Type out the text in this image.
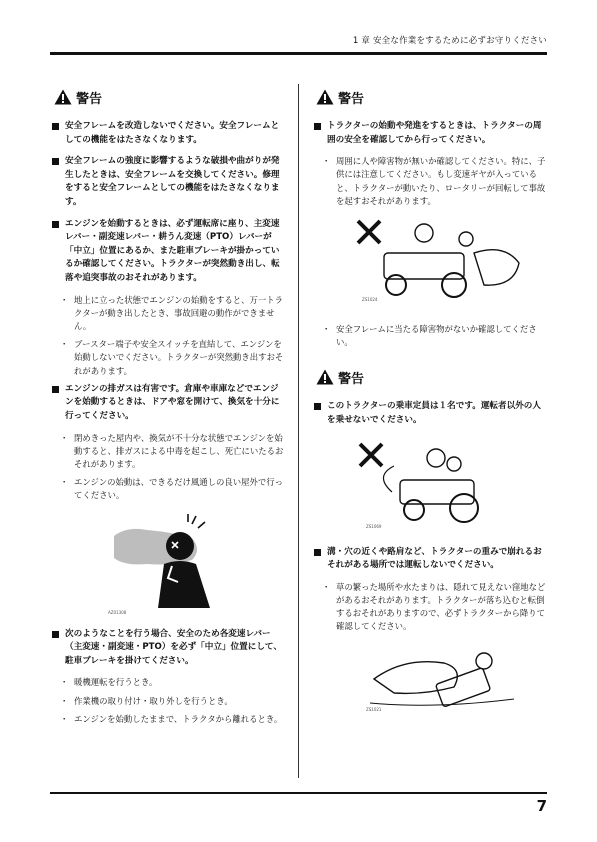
1 章 安全な作業をするために必ずお守りください
警告
安全フレームを改造しないでください。安全フレームとしての機能をはたさなくなります。
安全フレームの強度に影響するような破損や曲がりが発生したときは、安全フレームを交換してください。修理をすると安全フレームとしての機能をはたさなくなります。
エンジンを始動するときは、必ず運転席に座り、主変速レバー・副変速レバー・耕うん変速（PTO）レバーが「中立」位置にあるか、また駐車ブレーキが掛かっているか確認してください。トラクターが突然動き出し、転落や追突事故のおそれがあります。
・ 地上に立った状態でエンジンの始動をすると、万一トラクターが動き出したとき、事故回避の動作ができません。
・ ブースター端子や安全スイッチを直結して、エンジンを始動しないでください。トラクターが突然動き出すおそれがあります。
エンジンの排ガスは有害です。倉庫や車庫などでエンジンを始動するときは、ドアや窓を開けて、換気を十分に行ってください。
・ 閉めきった屋内や、換気が不十分な状態でエンジンを始動すると、排ガスによる中毒を起こし、死亡にいたるおそれがあります。
・ エンジンの始動は、できるだけ風通しの良い屋外で行ってください。
AZ01308
次のようなことを行う場合、安全のため各変速レバー（主変速・副変速・PTO）を必ず「中立」位置にして、駐車ブレーキを掛けてください。
・ 暖機運転を行うとき。
・ 作業機の取り付け・取り外しを行うとき。
・ エンジンを始動したままで、トラクタから離れるとき。
警告
トラクターの始動や発進をするときは、トラクターの周囲の安全を確認してから行ってください。
・ 周囲に人や障害物が無いか確認してください。特に、子供には注意してください。もし変速ギヤが入っていると、トラクターが動いたり、ロータリーが回転して事故を起すおそれがあります。
ZS1024
・ 安全フレームに当たる障害物がないか確認してください。
警告
このトラクターの乗車定員は１名です。運転者以外の人を乗せないでください。
ZS1069
溝・穴の近くや路肩など、トラクターの重みで崩れるおそれがある場所では運転しないでください。
・ 草の繁った場所や水たまりは、隠れて見えない窪地などがあるおそれがあります。トラクターが落ち込むと転倒するおそれがありますので、必ずトラクターから降りて確認してください。
ZS1021
7
